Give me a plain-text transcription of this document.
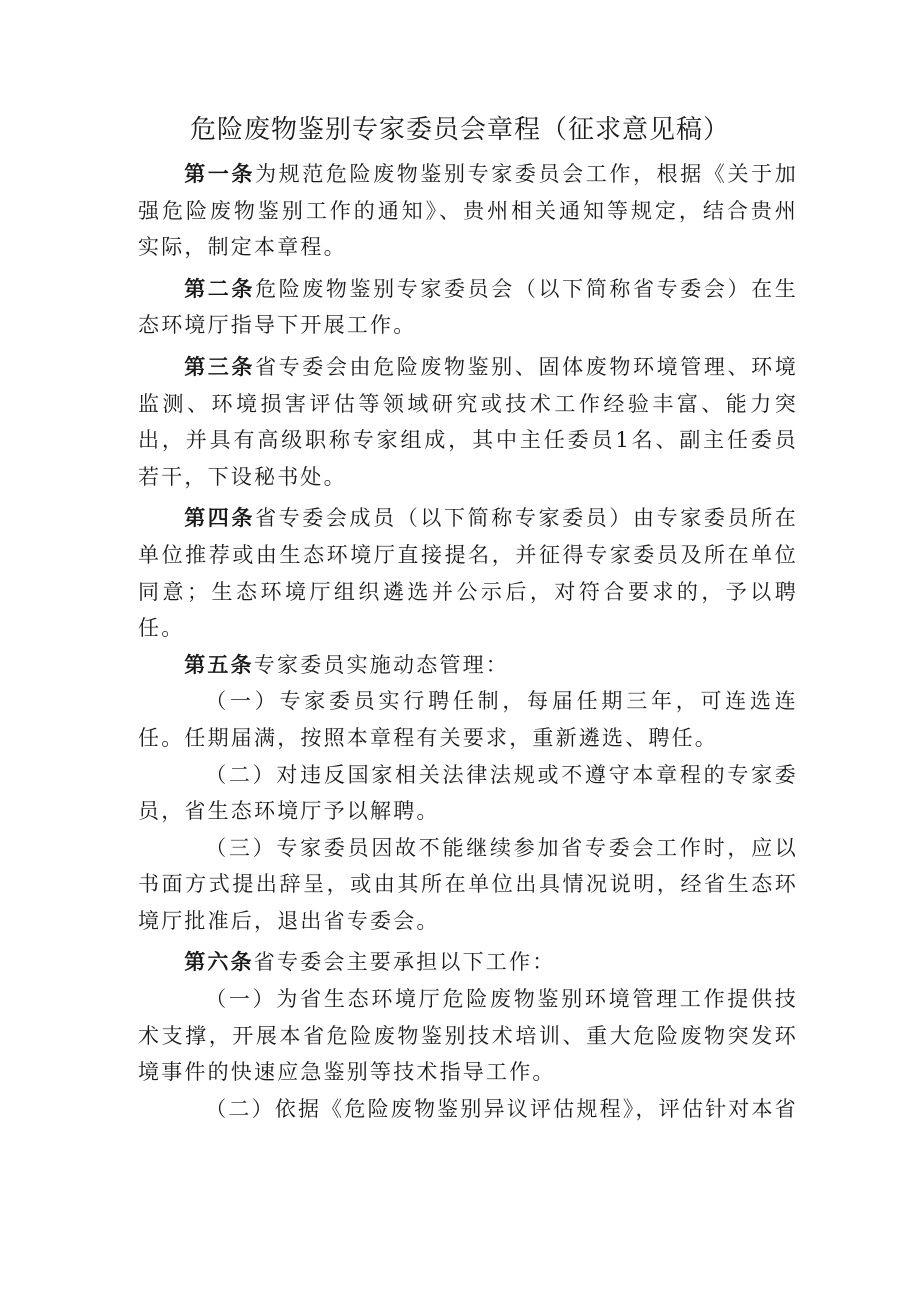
危险废物鉴别专家委员会章程（征求意见稿）

第一条为规范危险废物鉴别专家委员会工作，根据《关于加强危险废物鉴别工作的通知》、贵州相关通知等规定，结合贵州实际，制定本章程。

第二条危险废物鉴别专家委员会（以下简称省专委会）在生态环境厅指导下开展工作。

第三条省专委会由危险废物鉴别、固体废物环境管理、环境监测、环境损害评估等领域研究或技术工作经验丰富、能力突出，并具有高级职称专家组成，其中主任委员1名、副主任委员若干，下设秘书处。

第四条省专委会成员（以下简称专家委员）由专家委员所在单位推荐或由生态环境厅直接提名，并征得专家委员及所在单位同意；生态环境厅组织遴选并公示后，对符合要求的，予以聘任。

第五条专家委员实施动态管理：

（一）专家委员实行聘任制，每届任期三年，可连选连任。任期届满，按照本章程有关要求，重新遴选、聘任。

（二）对违反国家相关法律法规或不遵守本章程的专家委员，省生态环境厅予以解聘。

（三）专家委员因故不能继续参加省专委会工作时，应以书面方式提出辞呈，或由其所在单位出具情况说明，经省生态环境厅批准后，退出省专委会。

第六条省专委会主要承担以下工作：

（一）为省生态环境厅危险废物鉴别环境管理工作提供技术支撑，开展本省危险废物鉴别技术培训、重大危险废物突发环境事件的快速应急鉴别等技术指导工作。

（二）依据《危险废物鉴别异议评估规程》，评估针对本省
